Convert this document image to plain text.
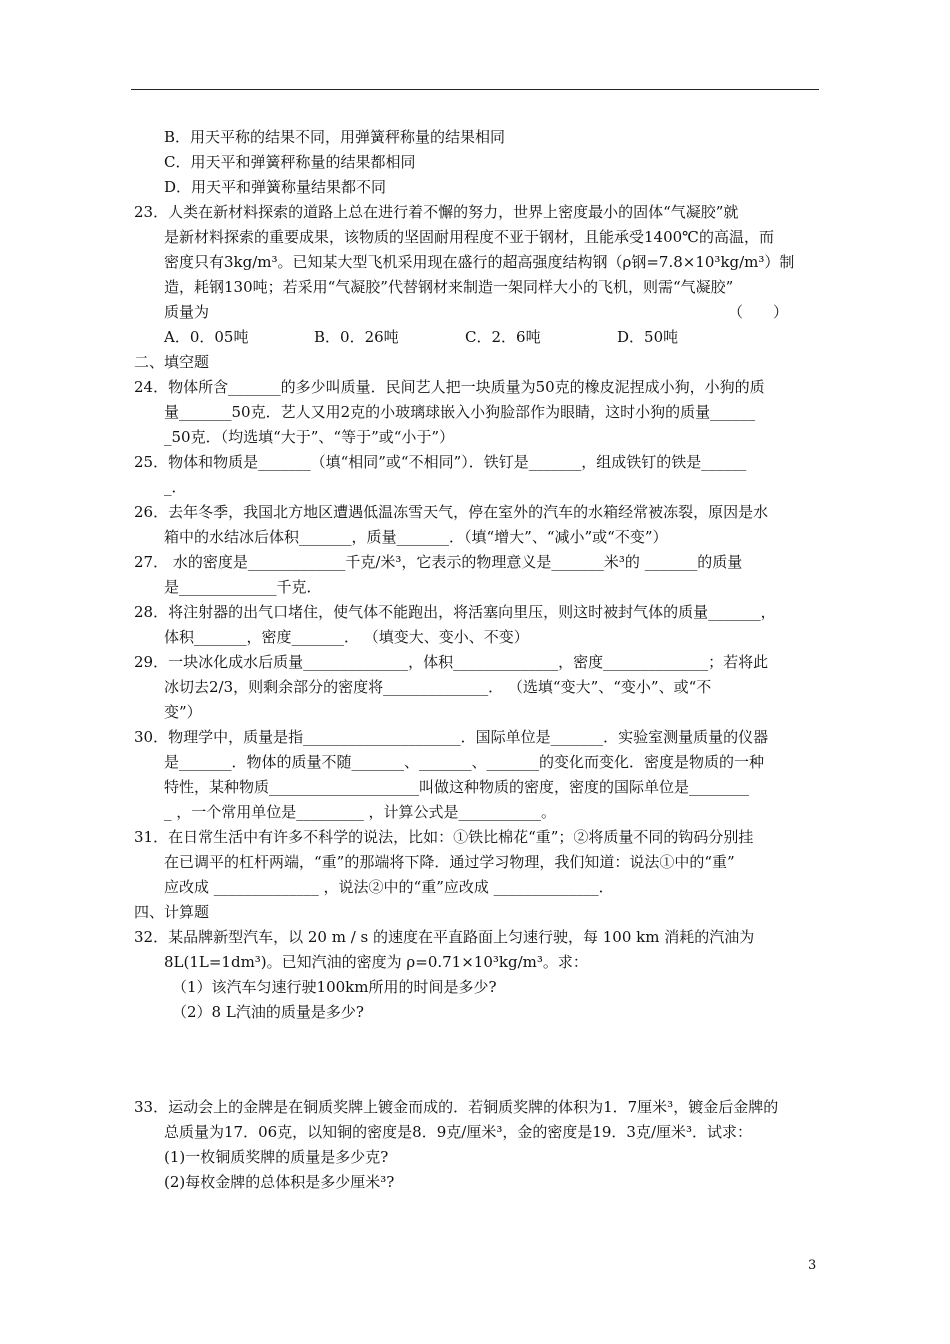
B．用天平称的结果不同，用弹簧秤称量的结果相同
C．用天平和弹簧秤称量的结果都相同
D．用天平和弹簧称量结果都不同
23．人类在新材料探索的道路上总在进行着不懈的努力，世界上密度最小的固体“气凝胶”就
是新材料探索的重要成果，该物质的坚固耐用程度不亚于钢材，且能承受1400℃的高温，而
密度只有3kg/m³。已知某大型飞机采用现在盛行的超高强度结构钢（ρ钢=7.8×10³kg/m³）制
造，耗钢130吨；若采用“气凝胶”代替钢材来制造一架同样大小的飞机，则需“气凝胶”
质量为	（　　）
A．0．05吨	B．0．26吨	C．2．6吨	D．50吨
二、填空题
24．物体所含_______的多少叫质量．民间艺人把一块质量为50克的橡皮泥捏成小狗，小狗的质
量_______50克．艺人又用2克的小玻璃球嵌入小狗脸部作为眼睛，这时小狗的质量______
_50克．（均选填“大于”、“等于”或“小于”）
25．物体和物质是_______（填“相同”或“不相同”）．铁钉是_______，组成铁钉的铁是______
_．
26．去年冬季，我国北方地区遭遇低温冻雪天气，停在室外的汽车的水箱经常被冻裂，原因是水
箱中的水结冰后体积_______，质量_______．（填“增大”、“减小”或“不变”）
27． 水的密度是_____________千克/米³，它表示的物理意义是_______米³的 _______的质量
是_____________千克．
28．将注射器的出气口堵住，使气体不能跑出，将活塞向里压，则这时被封气体的质量_______，
体积_______，密度_______． （填变大、变小、不变）
29．一块冰化成水后质量______________，体积______________，密度______________；若将此
冰切去2/3，则剩余部分的密度将______________． （选填“变大”、“变小”、或“不
变”）
30．物理学中，质量是指_____________________．国际单位是_______．实验室测量质量的仪器
是_______．物体的质量不随_______、_______、_______的变化而变化．密度是物质的一种
特性，某种物质____________________叫做这种物质的密度，密度的国际单位是________
_ ，一个常用单位是_________ ，计算公式是___________。
31．在日常生活中有许多不科学的说法，比如：①铁比棉花“重”；②将质量不同的钩码分别挂
在已调平的杠杆两端，“重”的那端将下降．通过学习物理，我们知道：说法①中的“重”
应改成 ______________ ，说法②中的“重”应改成 ______________．
四、计算题
32．某品牌新型汽车，以 20 m / s 的速度在平直路面上匀速行驶，每 100 km 消耗的汽油为
8L(1L=1dm³)。已知汽油的密度为 ρ=0.71×10³kg/m³。求：
（1）该汽车匀速行驶100km所用的时间是多少?
（2）8 L汽油的质量是多少?
33．运动会上的金牌是在铜质奖牌上镀金而成的．若铜质奖牌的体积为1．7厘米³，镀金后金牌的
总质量为17．06克，以知铜的密度是8．9克/厘米³，金的密度是19．3克/厘米³．试求：
(1)一枚铜质奖牌的质量是多少克?
(2)每枚金牌的总体积是多少厘米³?
3
